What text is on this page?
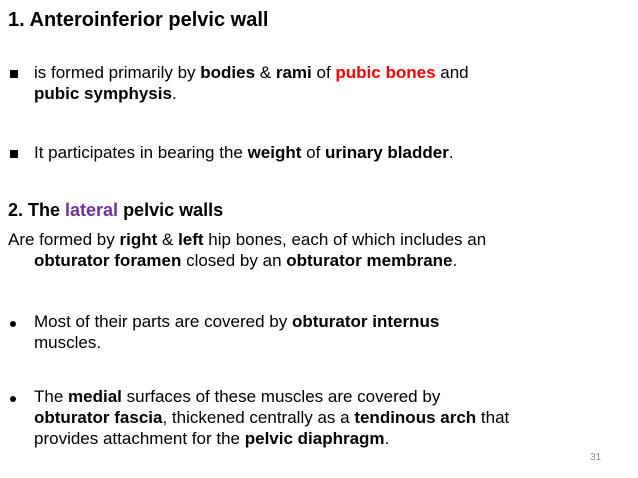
1. Anteroinferior pelvic wall
is formed primarily by bodies & rami of pubic bones and
pubic symphysis.
It participates in bearing the weight of urinary bladder.
2. The lateral pelvic walls
Are formed by right & left hip bones, each of which includes an
obturator foramen closed by an obturator membrane.
Most of their parts are covered by obturator internus
muscles.
The medial surfaces of these muscles are covered by
obturator fascia, thickened centrally as a tendinous arch that
provides attachment for the pelvic diaphragm.
31
